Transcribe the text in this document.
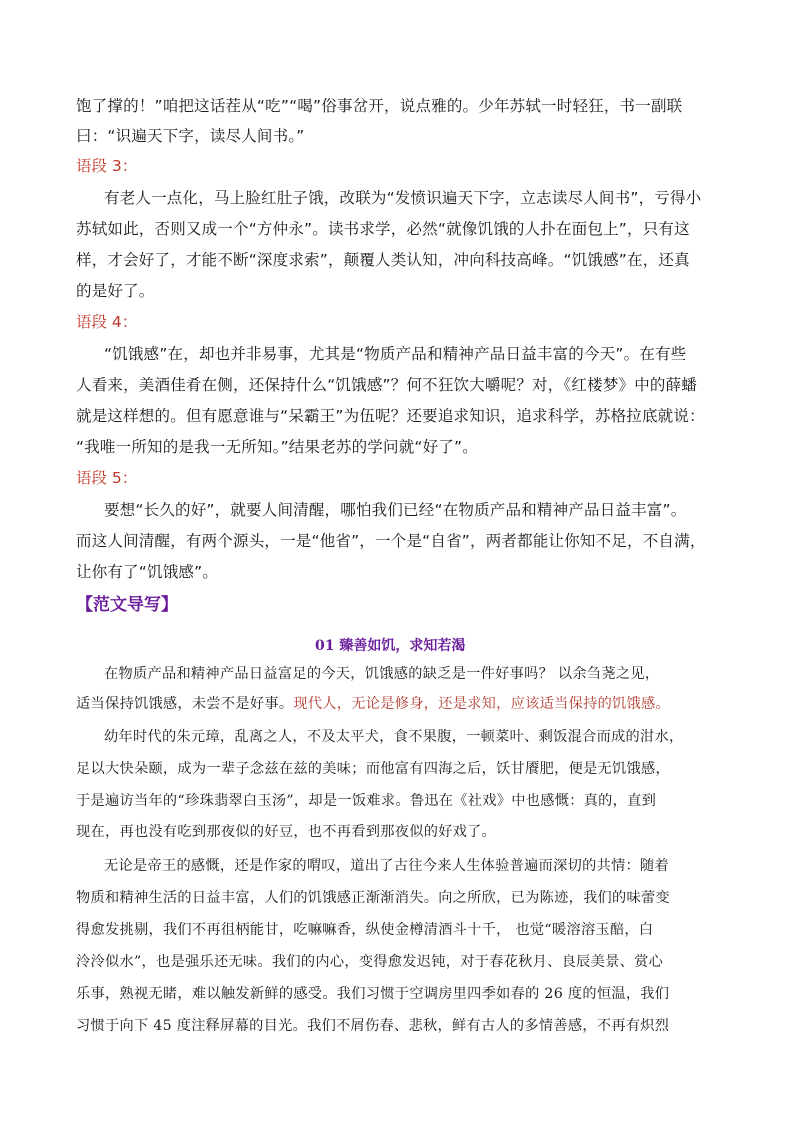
饱了撑的！”咱把这话茬从“吃”“喝”俗事岔开，说点雅的。少年苏轼一时轻狂，书一副联
曰：“识遍天下字，读尽人间书。”
语段 3：
有老人一点化，马上脸红肚子饿，改联为“发愤识遍天下字，立志读尽人间书”，亏得小
苏轼如此，否则又成一个“方仲永”。读书求学，必然“就像饥饿的人扑在面包上”，只有这
样，才会好了，才能不断“深度求索”，颠覆人类认知，冲向科技高峰。“饥饿感”在，还真
的是好了。
语段 4：
“饥饿感”在，却也并非易事，尤其是“物质产品和精神产品日益丰富的今天”。在有些
人看来，美酒佳肴在侧，还保持什么“饥饿感”？何不狂饮大嚼呢？对，《红楼梦》中的薛蟠
就是这样想的。但有愿意谁与“呆霸王”为伍呢？还要追求知识，追求科学，苏格拉底就说：
“我唯一所知的是我一无所知。”结果老苏的学问就“好了”。
语段 5：
要想“长久的好”，就要人间清醒，哪怕我们已经“在物质产品和精神产品日益丰富”。
而这人间清醒，有两个源头，一是“他省”，一个是“自省”，两者都能让你知不足，不自满，
让你有了“饥饿感”。
【范文导写】
01 臻善如饥，求知若渴
在物质产品和精神产品日益富足的今天，饥饿感的缺乏是一件好事吗？ 以余刍荛之见，
适当保持饥饿感，未尝不是好事。现代人，无论是修身，还是求知，应该适当保持的饥饿感。
幼年时代的朱元璋，乱离之人，不及太平犬，食不果腹，一顿菜叶、剩饭混合而成的泔水，
足以大快朵颐，成为一辈子念兹在兹的美味；而他富有四海之后，饫甘餍肥，便是无饥饿感，
于是遍访当年的“珍珠翡翠白玉汤”，却是一饭难求。鲁迅在《社戏》中也感慨：真的，直到
现在，再也没有吃到那夜似的好豆，也不再看到那夜似的好戏了。
无论是帝王的感慨，还是作家的喟叹，道出了古往今来人生体验普遍而深切的共情：随着
物质和精神生活的日益丰富，人们的饥饿感正渐渐消失。向之所欣，已为陈迹，我们的味蕾变
得愈发挑剔，我们不再徂柄能甘，吃嘛嘛香，纵使金樽清酒斗十千， 也觉“暖溶溶玉醅，白
泠泠似水”，也是强乐还无味。我们的内心，变得愈发迟钝，对于春花秋月、良辰美景、赏心
乐事，熟视无睹，难以触发新鲜的感受。我们习惯于空调房里四季如春的 26 度的恒温，我们
习惯于向下 45 度注释屏幕的目光。我们不屑伤春、悲秋，鲜有古人的多情善感，不再有炽烈
